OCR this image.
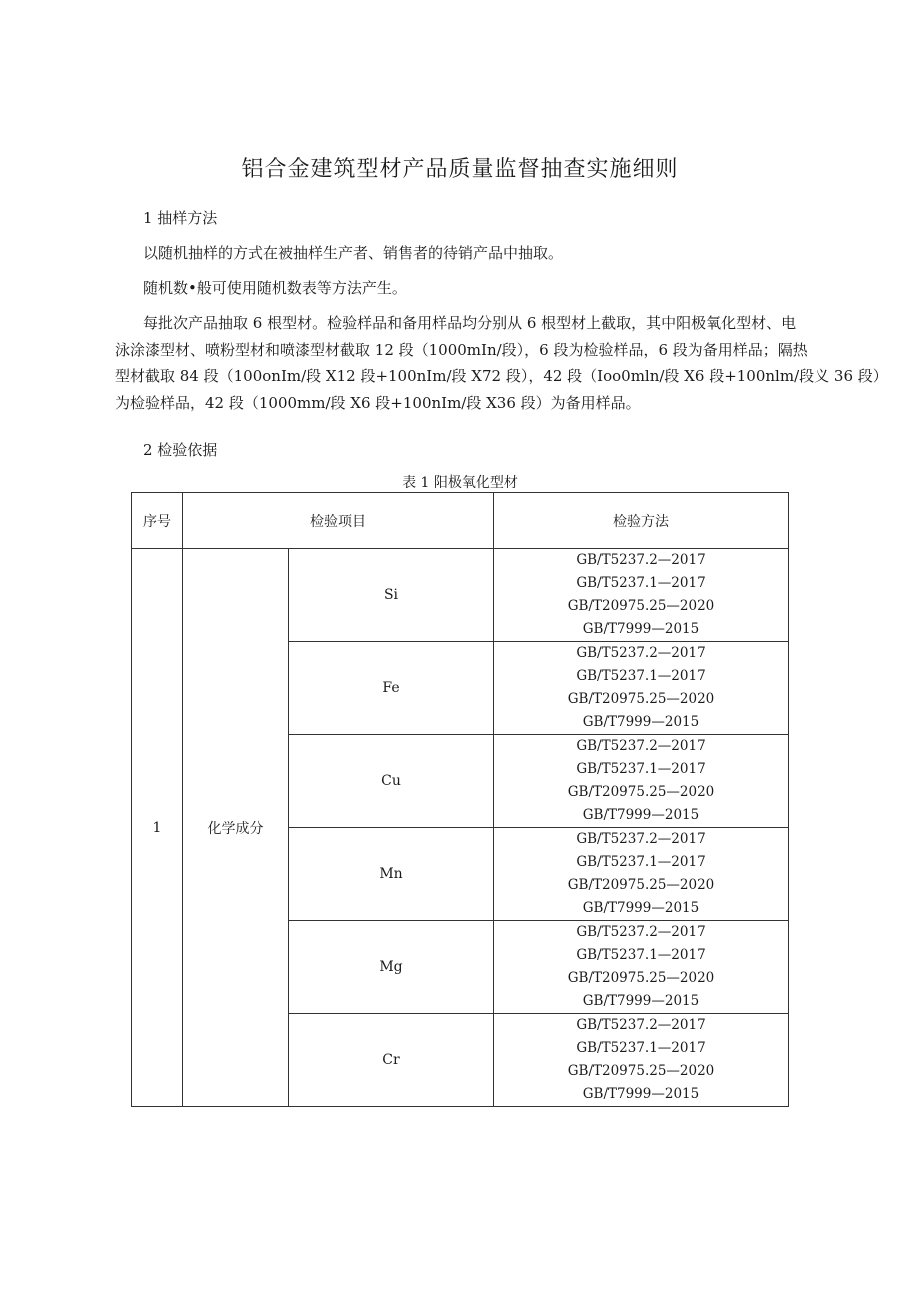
铝合金建筑型材产品质量监督抽查实施细则
1 抽样方法
以随机抽样的方式在被抽样生产者、销售者的待销产品中抽取。
随机数•般可使用随机数表等方法产生。
每批次产品抽取 6 根型材。检验样品和备用样品均分别从 6 根型材上截取，其中阳极氧化型材、电
泳涂漆型材、喷粉型材和喷漆型材截取 12 段（1000mIn/段），6 段为检验样品，6 段为备用样品；隔热
型材截取 84 段（100onIm/段 X12 段+100nIm/段 X72 段），42 段（Ioo0mln/段 X6 段+100nlm/段义 36 段）
为检验样品，42 段（1000mm/段 X6 段+100nIm/段 X36 段）为备用样品。
2 检验依据
表 1 阳极氧化型材
序号	检验项目		检验方法
1	化学成分	Si	GB/T5237.2—2017
GB/T5237.1—2017
GB/T20975.25—2020
GB/T7999—2015

		Fe	GB/T5237.2—2017
GB/T5237.1—2017
GB/T20975.25—2020
GB/T7999—2015

		Cu	GB/T5237.2—2017
GB/T5237.1—2017
GB/T20975.25—2020
GB/T7999—2015

		Mn	GB/T5237.2—2017
GB/T5237.1—2017
GB/T20975.25—2020
GB/T7999—2015

		Mg	GB/T5237.2—2017
GB/T5237.1—2017
GB/T20975.25—2020
GB/T7999—2015

		Cr	GB/T5237.2—2017
GB/T5237.1—2017
GB/T20975.25—2020
GB/T7999—2015
